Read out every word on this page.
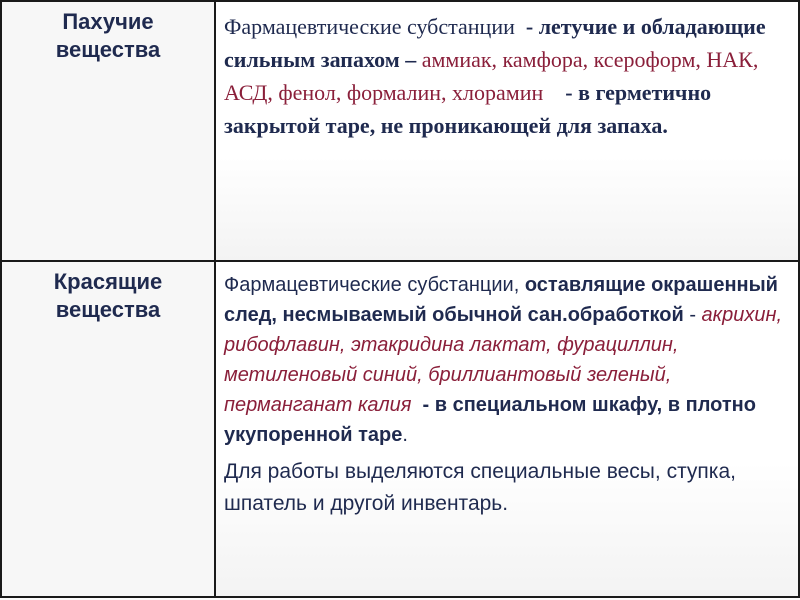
Пахучие вещества	Фармацевтические субстанции - летучие и обладающие сильным запахом – аммиак, камфора, ксероформ, НАК, АСД, фенол, формалин, хлорамин - в герметично закрытой таре, не проникающей для запаха.

Красящие вещества	Фармацевтические субстанции, оставлящие окрашенный след, несмываемый обычной сан.обработкой - акрихин, рибофлавин, этакридина лактат, фурациллин, метиленовый синий, бриллиантовый зеленый, перманганат калия - в специальном шкафу, в плотно укупоренной таре.

Для работы выделяются специальные весы, ступка, шпатель и другой инвентарь.
